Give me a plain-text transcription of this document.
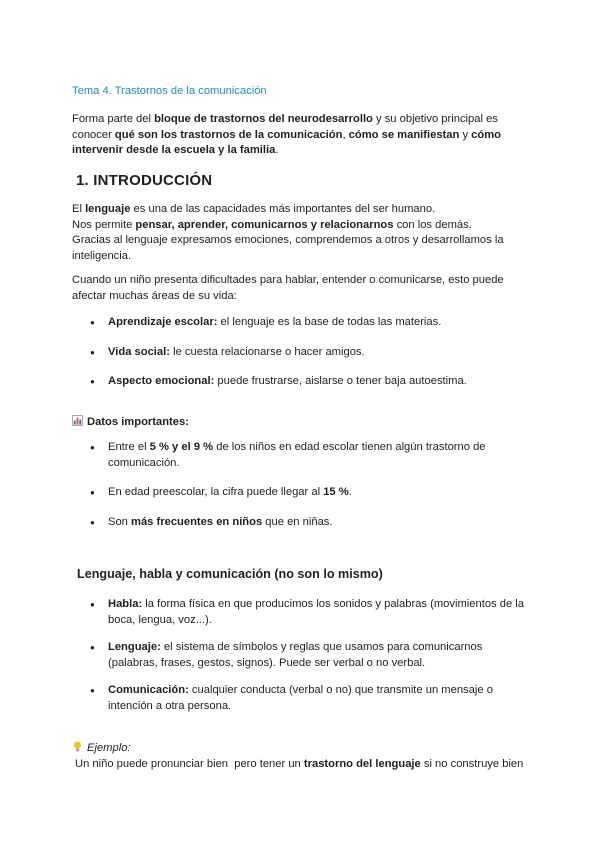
Tema 4. Trastornos de la comunicación

Forma parte del bloque de trastornos del neurodesarrollo y su objetivo principal es conocer qué son los trastornos de la comunicación, cómo se manifiestan y cómo intervenir desde la escuela y la familia.

1. INTRODUCCIÓN

El lenguaje es una de las capacidades más importantes del ser humano.
Nos permite pensar, aprender, comunicarnos y relacionarnos con los demás.
Gracias al lenguaje expresamos emociones, comprendemos a otros y desarrollamos la inteligencia.

Cuando un niño presenta dificultades para hablar, entender o comunicarse, esto puede afectar muchas áreas de su vida:

● Aprendizaje escolar: el lenguaje es la base de todas las materias.
● Vida social: le cuesta relacionarse o hacer amigos.
● Aspecto emocional: puede frustrarse, aislarse o tener baja autoestima.

Datos importantes:

● Entre el 5 % y el 9 % de los niños en edad escolar tienen algún trastorno de comunicación.
● En edad preescolar, la cifra puede llegar al 15 %.
● Son más frecuentes en niños que en niñas.
Lenguaje, habla y comunicación (no son lo mismo)
● Habla: la forma física en que producimos los sonidos y palabras (movimientos de la boca, lengua, voz...).
● Lenguaje: el sistema de símbolos y reglas que usamos para comunicarnos (palabras, frases, gestos, signos). Puede ser verbal o no verbal.
● Comunicación: cualquier conducta (verbal o no) que transmite un mensaje o intención a otra persona.

Ejemplo:

Un niño puede pronunciar bien  pero tener un trastorno del lenguaje si no construye bien
